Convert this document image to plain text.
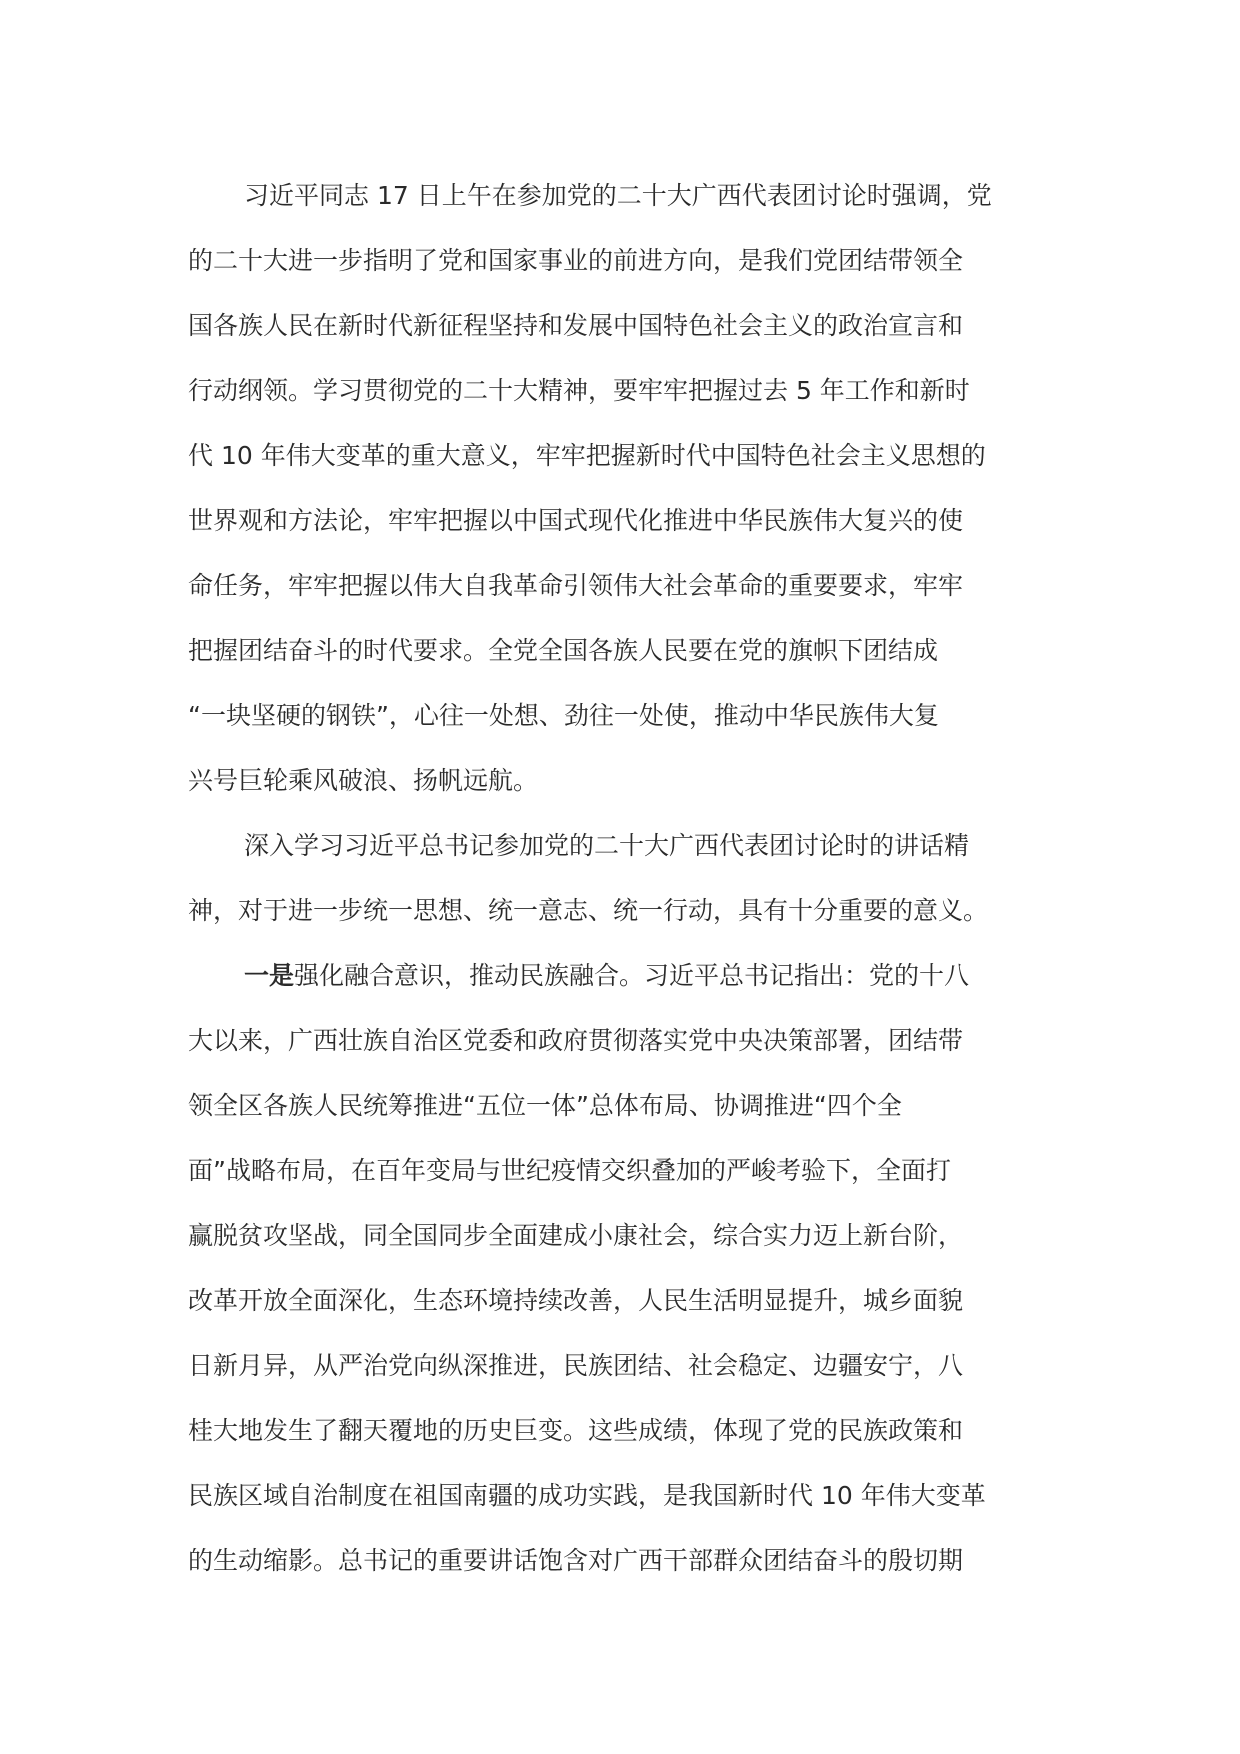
习近平同志 17 日上午在参加党的二十大广西代表团讨论时强调，党
的二十大进一步指明了党和国家事业的前进方向，是我们党团结带领全
国各族人民在新时代新征程坚持和发展中国特色社会主义的政治宣言和
行动纲领。学习贯彻党的二十大精神，要牢牢把握过去 5 年工作和新时
代 10 年伟大变革的重大意义，牢牢把握新时代中国特色社会主义思想的
世界观和方法论，牢牢把握以中国式现代化推进中华民族伟大复兴的使
命任务，牢牢把握以伟大自我革命引领伟大社会革命的重要要求，牢牢
把握团结奋斗的时代要求。全党全国各族人民要在党的旗帜下团结成
“一块坚硬的钢铁”，心往一处想、劲往一处使，推动中华民族伟大复
兴号巨轮乘风破浪、扬帆远航。
深入学习习近平总书记参加党的二十大广西代表团讨论时的讲话精
神，对于进一步统一思想、统一意志、统一行动，具有十分重要的意义。
一是强化融合意识，推动民族融合。习近平总书记指出：党的十八
大以来，广西壮族自治区党委和政府贯彻落实党中央决策部署，团结带
领全区各族人民统筹推进“五位一体”总体布局、协调推进“四个全
面”战略布局，在百年变局与世纪疫情交织叠加的严峻考验下，全面打
赢脱贫攻坚战，同全国同步全面建成小康社会，综合实力迈上新台阶，
改革开放全面深化，生态环境持续改善，人民生活明显提升，城乡面貌
日新月异，从严治党向纵深推进，民族团结、社会稳定、边疆安宁，八
桂大地发生了翻天覆地的历史巨变。这些成绩，体现了党的民族政策和
民族区域自治制度在祖国南疆的成功实践，是我国新时代 10 年伟大变革
的生动缩影。总书记的重要讲话饱含对广西干部群众团结奋斗的殷切期
